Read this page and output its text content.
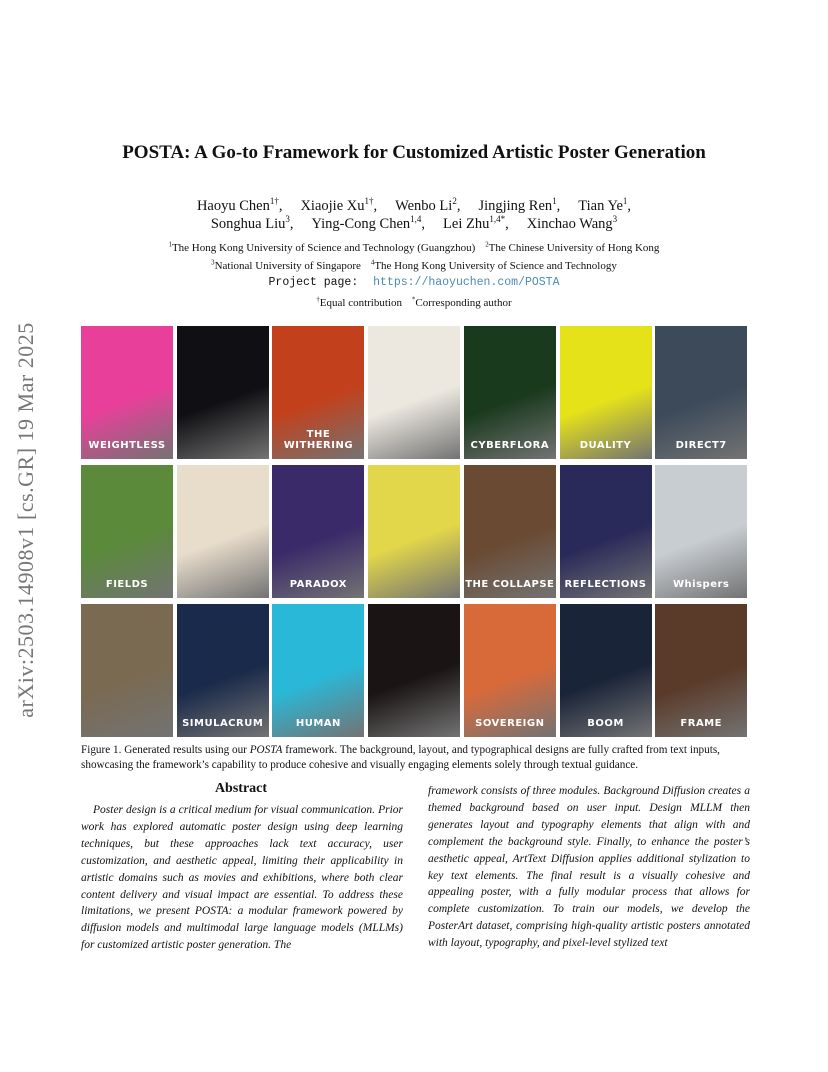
arXiv:2503.14908v1 [cs.GR] 19 Mar 2025
POSTA: A Go-to Framework for Customized Artistic Poster Generation
Haoyu Chen$^{1\dagger}$, Xiaojie $Xu^{1\dagger}$, Wenbo Li$^2$, Jingjing Ren$^1$, Tian Ye$^1$,
Songhua Liu$^3$, Ying-Cong Chen$^{1,4}$, Lei Zhu$^{1,4*}$, Xinchao Wang$^3$
$^1$The Hong Kong University of Science and Technology (Guangzhou) $^2$The Chinese University of Hong Kong
$^3$National University of Singapore $^4$The Hong Kong University of Science and Technology
Project page: https://haoyuchen.com/POSTA
†Equal contribution *Corresponding author
WEIGHTLESS
THE WITHERING	CYBERFLORA	DUALITY	DIRECT7
FIELDS	PARADOX	THE COLLAPSE	REFLECTIONS	Whispers
SIMULACRUM	HUMAN	SOVEREIGN	BOOM	FRAME
Figure 1. Generated results using our POSTA framework. The background, layout, and typographical designs are fully crafted from text inputs, showcasing the framework’s capability to produce cohesive and visually engaging elements solely through textual guidance.
Abstract
Poster design is a critical medium for visual communication. Prior work has explored automatic poster design using deep learning techniques, but these approaches lack text accuracy, user customization, and aesthetic appeal, limiting their applicability in artistic domains such as movies and exhibitions, where both clear content delivery and visual impact are essential. To address these limitations, we present POSTA: a modular framework powered by diffusion models and multimodal large language models (MLLMs) for customized artistic poster generation. The
framework consists of three modules. Background Diffusion creates a themed background based on user input. Design MLLM then generates layout and typography elements that align with and complement the background style. Finally, to enhance the poster’s aesthetic appeal, ArtText Diffusion applies additional stylization to key text elements. The final result is a visually cohesive and appealing poster, with a fully modular process that allows for complete customization. To train our models, we develop the PosterArt dataset, comprising high-quality artistic posters annotated with layout, typography, and pixel-level stylized text
